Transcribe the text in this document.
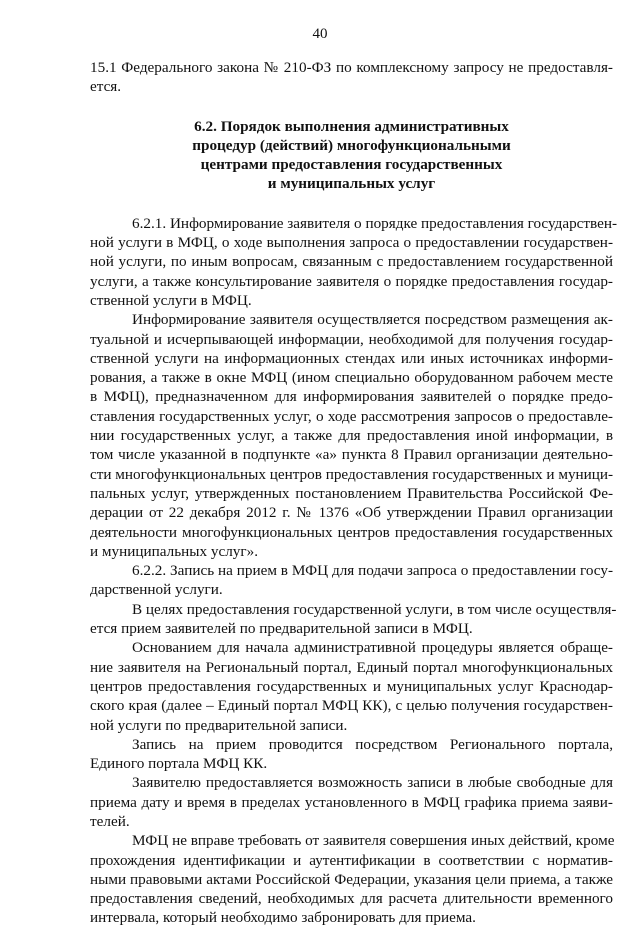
40
15.1 Федерального закона № 210-ФЗ по комплексному запросу не предоставля-
ется.
6.2. Порядок выполнения административных
процедур (действий) многофункциональными
центрами предоставления государственных
и муниципальных услуг
6.2.1. Информирование заявителя о порядке предоставления государствен-
ной услуги в МФЦ, о ходе выполнения запроса о предоставлении государствен-
ной услуги, по иным вопросам, связанным с предоставлением государственной
услуги, а также консультирование заявителя о порядке предоставления государ-
ственной услуги в МФЦ.
Информирование заявителя осуществляется посредством размещения ак-
туальной и исчерпывающей информации, необходимой для получения государ-
ственной услуги на информационных стендах или иных источниках информи-
рования, а также в окне МФЦ (ином специально оборудованном рабочем месте
в МФЦ), предназначенном для информирования заявителей о порядке предо-
ставления государственных услуг, о ходе рассмотрения запросов о предоставле-
нии государственных услуг, а также для предоставления иной информации, в
том числе указанной в подпункте «а» пункта 8 Правил организации деятельно-
сти многофункциональных центров предоставления государственных и муници-
пальных услуг, утвержденных постановлением Правительства Российской Фе-
дерации от 22 декабря 2012 г. № 1376 «Об утверждении Правил организации
деятельности многофункциональных центров предоставления государственных
и муниципальных услуг».
6.2.2. Запись на прием в МФЦ для подачи запроса о предоставлении госу-
дарственной услуги.
В целях предоставления государственной услуги, в том числе осуществля-
ется прием заявителей по предварительной записи в МФЦ.
Основанием для начала административной процедуры является обраще-
ние заявителя на Региональный портал, Единый портал многофункциональных
центров предоставления государственных и муниципальных услуг Краснодар-
ского края (далее – Единый портал МФЦ КК), с целью получения государствен-
ной услуги по предварительной записи.
Запись на прием проводится посредством Регионального портала,
Единого портала МФЦ КК.
Заявителю предоставляется возможность записи в любые свободные для
приема дату и время в пределах установленного в МФЦ графика приема заяви-
телей.
МФЦ не вправе требовать от заявителя совершения иных действий, кроме
прохождения идентификации и аутентификации в соответствии с норматив-
ными правовыми актами Российской Федерации, указания цели приема, а также
предоставления сведений, необходимых для расчета длительности временного
интервала, который необходимо забронировать для приема.
